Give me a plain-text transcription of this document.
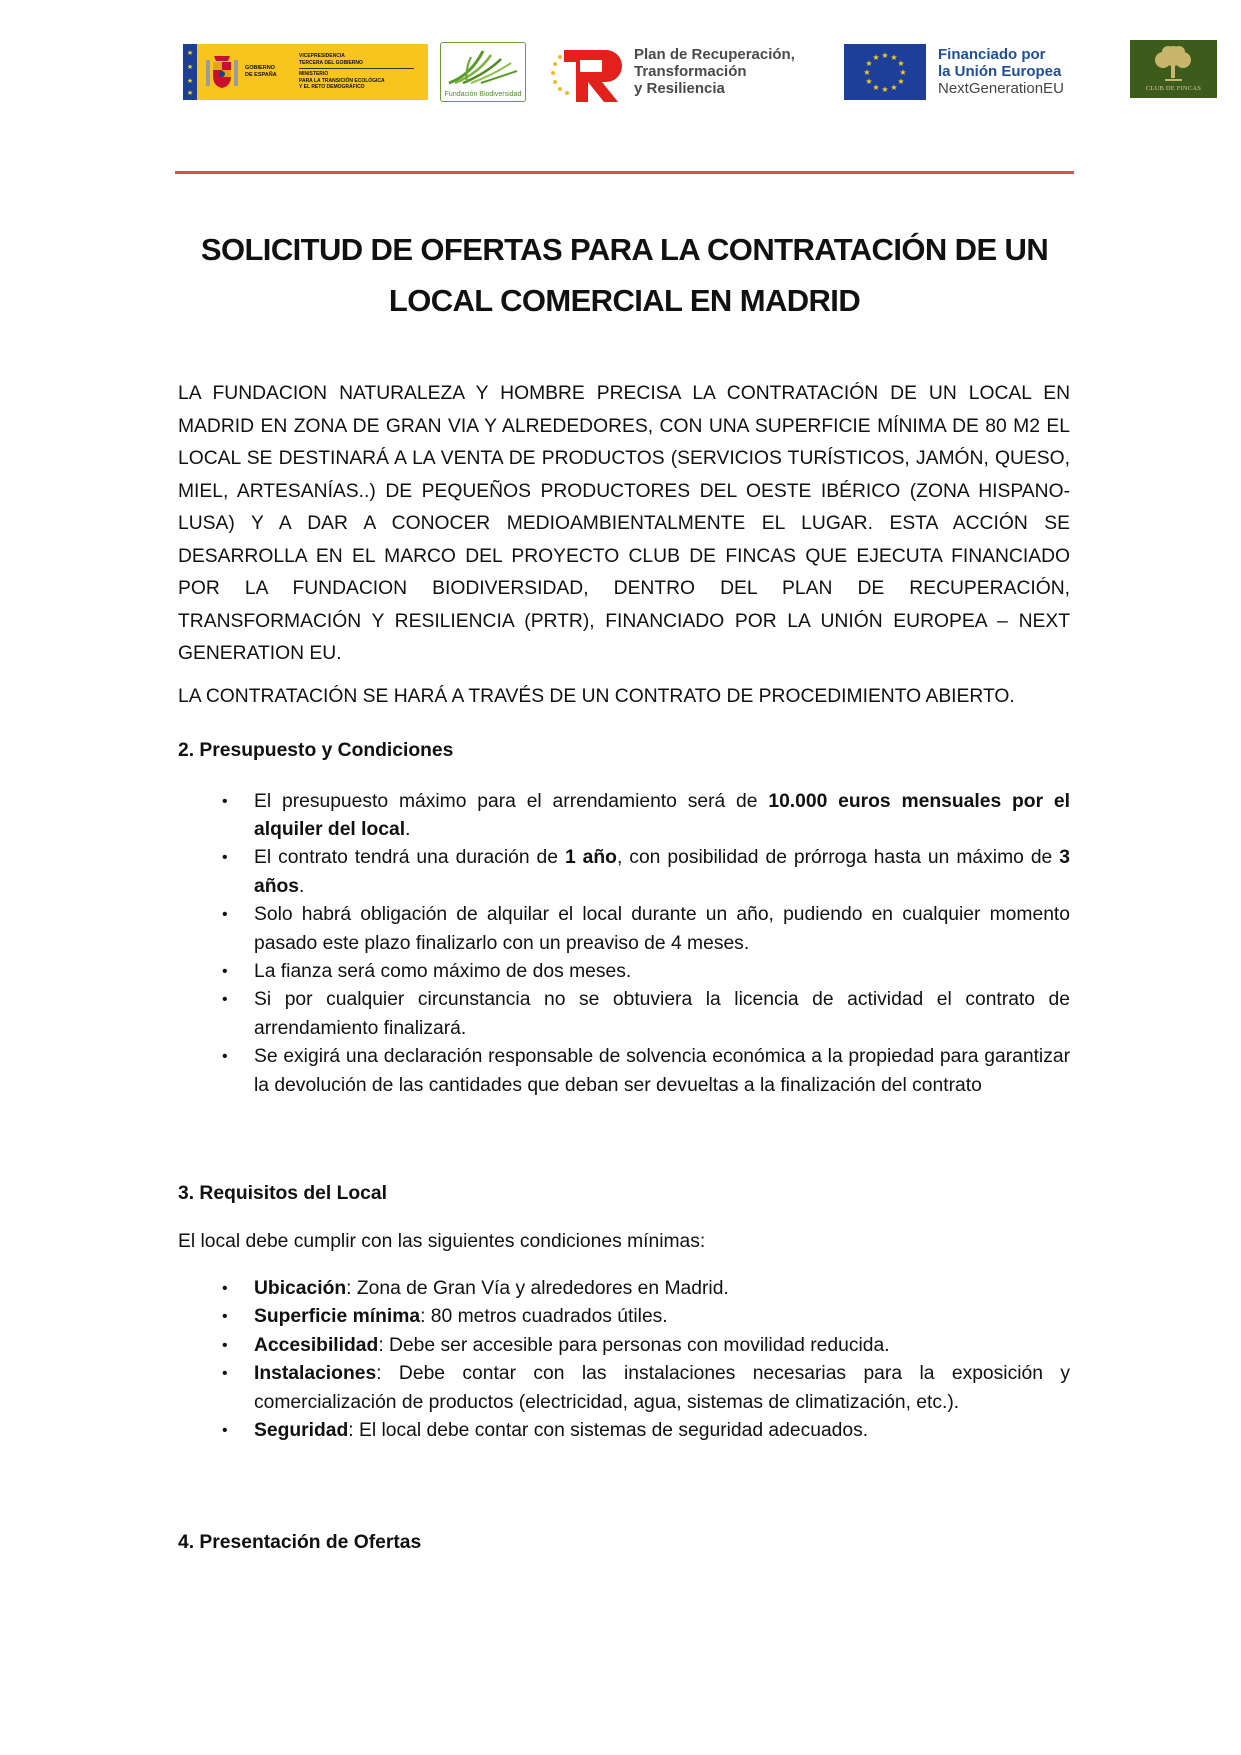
★
★
★
★
GOBIERNO
DE ESPAÑA
VICEPRESIDENCIA
TERCERA DEL GOBIERNO
MINISTERIO
PARA LA TRANSICIÓN ECOLÓGICA
Y EL RETO DEMOGRÁFICO
Fundación Biodiversidad
Plan de Recuperación,
Transformación
y Resiliencia
★ ★
★
★
★
★
★
★
★
★
★
★	Financiado por
la Unión Europea
NextGenerationEU	CLUB DE FINCAS
SOLICITUD DE OFERTAS PARA LA CONTRATACIÓN DE UN
LOCAL COMERCIAL EN MADRID

LA FUNDACION NATURALEZA Y HOMBRE PRECISA LA CONTRATACIÓN DE UN LOCAL EN MADRID EN ZONA DE GRAN VIA Y ALREDEDORES, CON UNA SUPERFICIE MÍNIMA DE 80 M2 EL LOCAL SE DESTINARÁ A LA VENTA DE PRODUCTOS (SERVICIOS TURÍSTICOS, JAMÓN, QUESO, MIEL, ARTESANÍAS..) DE PEQUEÑOS PRODUCTORES DEL OESTE IBÉRICO (ZONA HISPANO-LUSA) Y A DAR A CONOCER MEDIOAMBIENTALMENTE EL LUGAR. ESTA ACCIÓN SE DESARROLLA EN EL MARCO DEL PROYECTO CLUB DE FINCAS QUE EJECUTA FINANCIADO POR LA FUNDACION BIODIVERSIDAD, DENTRO DEL PLAN DE RECUPERACIÓN, TRANSFORMACIÓN Y RESILIENCIA (PRTR), FINANCIADO POR LA UNIÓN EUROPEA – NEXT GENERATION EU.

LA CONTRATACIÓN SE HARÁ A TRAVÉS DE UN CONTRATO DE PROCEDIMIENTO ABIERTO.

2. Presupuesto y Condiciones

• El presupuesto máximo para el arrendamiento será de 10.000 euros mensuales por el alquiler del local.
• El contrato tendrá una duración de 1 año, con posibilidad de prórroga hasta un máximo de 3 años.
• Solo habrá obligación de alquilar el local durante un año, pudiendo en cualquier momento pasado este plazo finalizarlo con un preaviso de 4 meses.
• La fianza será como máximo de dos meses.
• Si por cualquier circunstancia no se obtuviera la licencia de actividad el contrato de arrendamiento finalizará.
• Se exigirá una declaración responsable de solvencia económica a la propiedad para garantizar la devolución de las cantidades que deban ser devueltas a la finalización del contrato

3. Requisitos del Local

El local debe cumplir con las siguientes condiciones mínimas:

• Ubicación: Zona de Gran Vía y alrededores en Madrid.
• Superficie mínima: 80 metros cuadrados útiles.
• Accesibilidad: Debe ser accesible para personas con movilidad reducida.
• Instalaciones: Debe contar con las instalaciones necesarias para la exposición y comercialización de productos (electricidad, agua, sistemas de climatización, etc.).
• Seguridad: El local debe contar con sistemas de seguridad adecuados.

4. Presentación de Ofertas
